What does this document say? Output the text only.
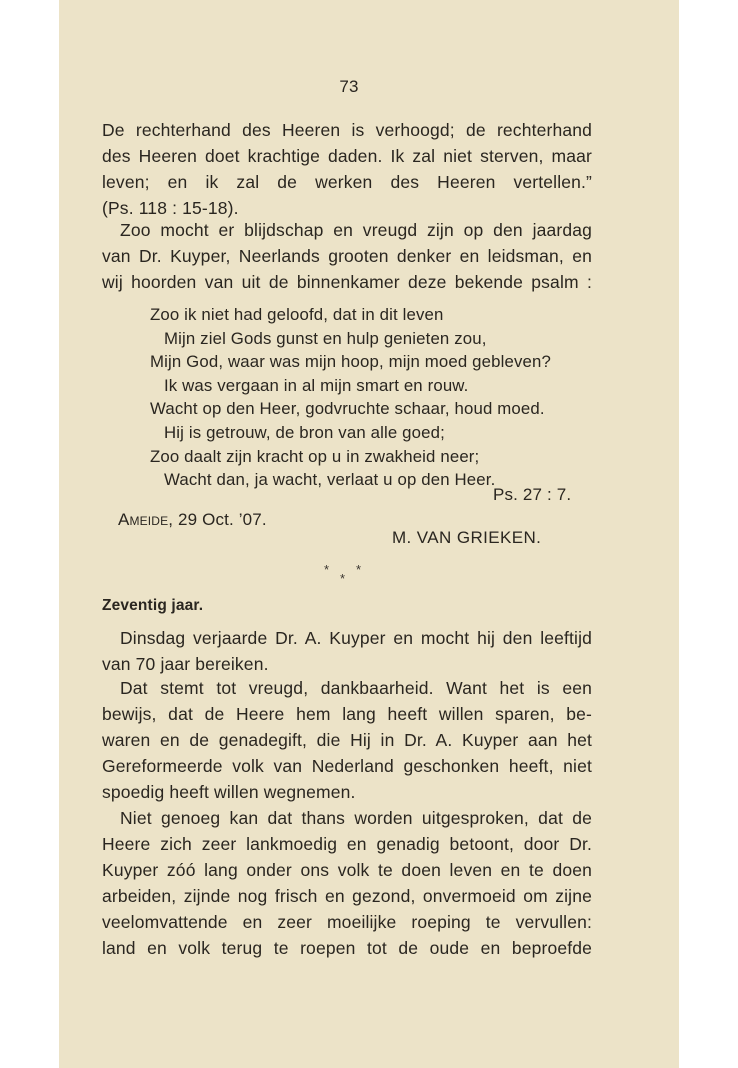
73
De rechterhand des Heeren is verhoogd; de rechterhand
des Heeren doet krachtige daden. Ik zal niet sterven, maar
leven; en ik zal de werken des Heeren vertellen.”
(Ps. 118 : 15-18).
Zoo mocht er blijdschap en vreugd zijn op den jaardag
van Dr. Kuyper, Neerlands grooten denker en leidsman, en
wij hoorden van uit de binnenkamer deze bekende psalm :
Zoo ik niet had geloofd, dat in dit leven
Mijn ziel Gods gunst en hulp genieten zou,
Mijn God, waar was mijn hoop, mijn moed gebleven?
Ik was vergaan in al mijn smart en rouw.
Wacht op den Heer, godvruchte schaar, houd moed.
Hij is getrouw, de bron van alle goed;
Zoo daalt zijn kracht op u in zwakheid neer;
Wacht dan, ja wacht, verlaat u op den Heer.
Ps. 27 : 7.
Ameide, 29 Oct. ’07.
M. VAN GRIEKEN.
* *
*
Zeventig jaar.
Dinsdag verjaarde Dr. A. Kuyper en mocht hij den leeftijd
van 70 jaar bereiken.
Dat stemt tot vreugd, dankbaarheid. Want het is een
bewijs, dat de Heere hem lang heeft willen sparen, be-
waren en de genadegift, die Hij in Dr. A. Kuyper aan het
Gereformeerde volk van Nederland geschonken heeft, niet
spoedig heeft willen wegnemen.
Niet genoeg kan dat thans worden uitgesproken, dat de
Heere zich zeer lankmoedig en genadig betoont, door Dr.
Kuyper zóó lang onder ons volk te doen leven en te doen
arbeiden, zijnde nog frisch en gezond, onvermoeid om zijne
veelomvattende en zeer moeilijke roeping te vervullen:
land en volk terug te roepen tot de oude en beproefde
